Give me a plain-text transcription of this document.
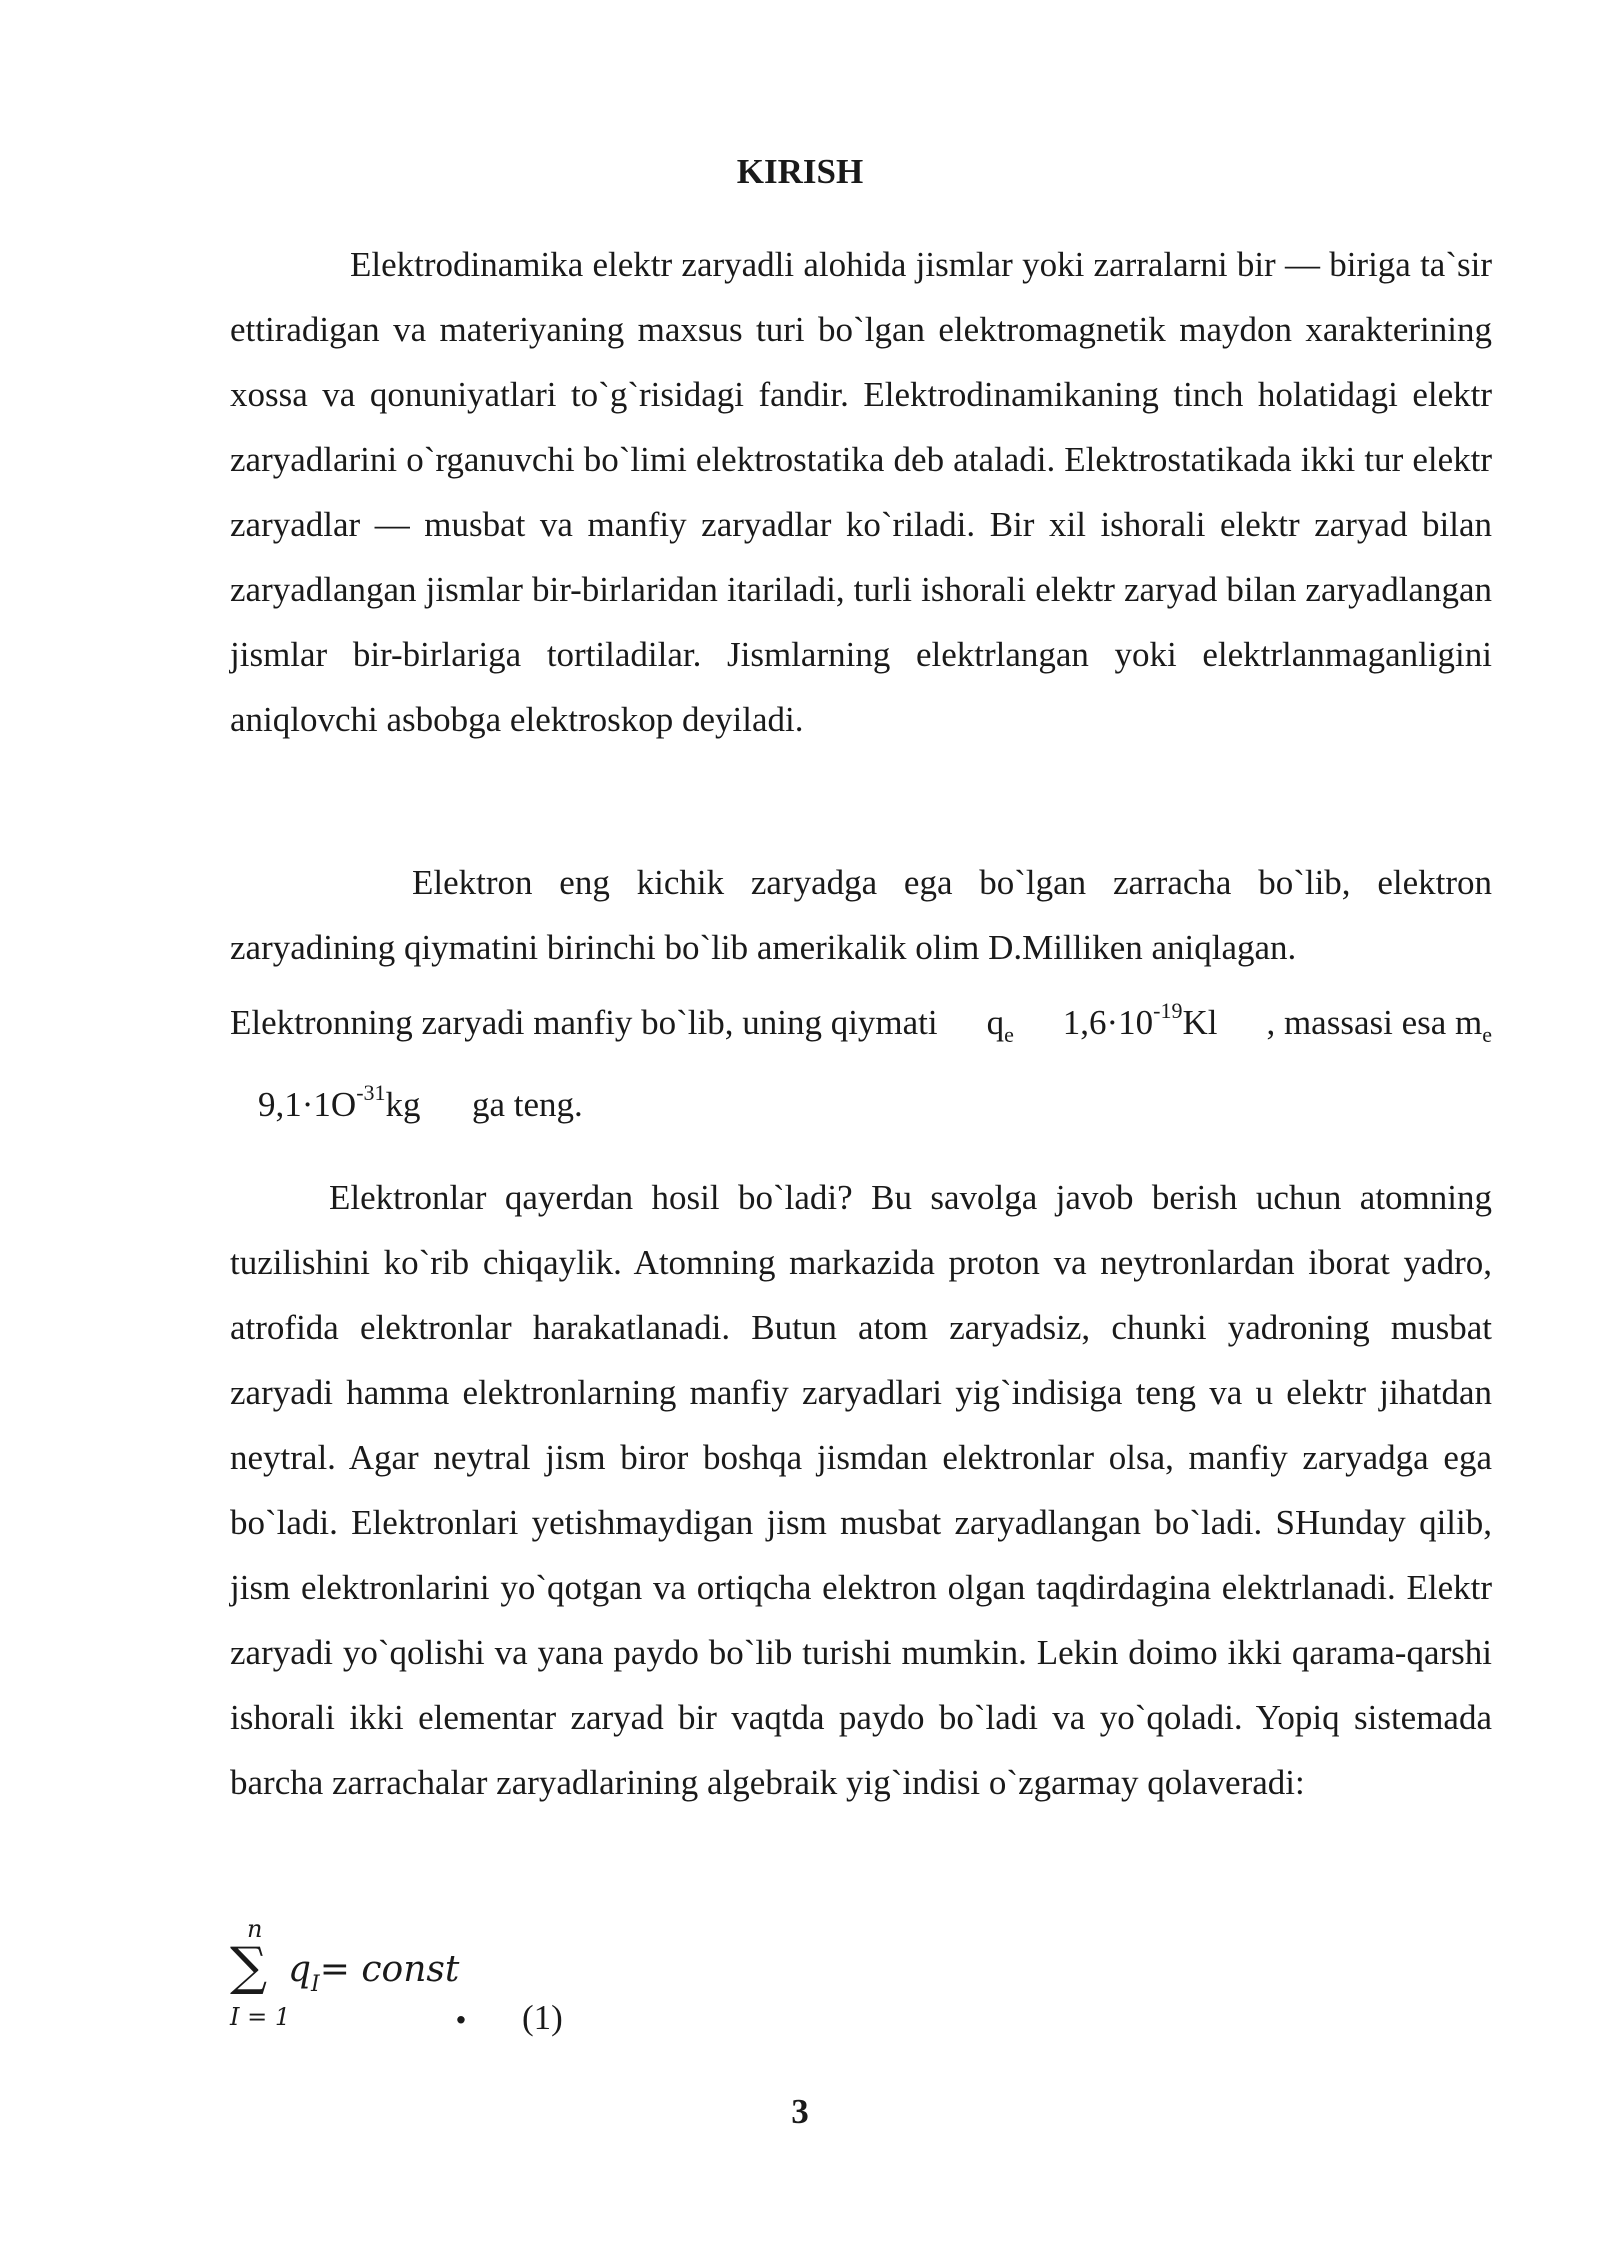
KIRISH

Elektrodinamika elektr zaryadli alohida jismlar yoki zarralarni bir — biriga ta`sir ettiradigan va materiyaning maxsus turi bo`lgan elektromagnetik maydon xarakterining xossa va qonuniyatlari to`g`risidagi fandir. Elektrodinamikaning tinch holatidagi elektr zaryadlarini o`rganuvchi bo`limi elektrostatika deb ataladi. Elektrostatikada ikki tur elektr zaryadlar — musbat va manfiy zaryadlar ko`riladi. Bir xil ishorali elektr zaryad bilan zaryadlangan jismlar bir-birlaridan itariladi, turli ishorali elektr zaryad bilan zaryadlangan jismlar bir-birlariga tortiladilar. Jismlarning elektrlangan yoki elektrlanmaganligini aniqlovchi asbobga elektroskop deyiladi.

Elektron eng kichik zaryadga ega bo`lgan zarracha bo`lib, elektron zaryadining qiymatini birinchi bo`lib amerikalik olim D.Milliken aniqlagan.

Elektronning zaryadi manfiy bo`lib, uning qiymati $q_e$ $1,6\cdot 10^{-19}Kl$ , massasi esa $m_e$
$9,1\cdot 1O^{-31}kg$ ga teng.

Elektronlar qayerdan hosil bo`ladi? Bu savolga javob berish uchun atomning tuzilishini ko`rib chiqaylik. Atomning markazida proton va neytronlardan iborat yadro, atrofida elektronlar harakatlanadi. Butun atom zaryadsiz, chunki yadroning musbat zaryadi hamma elektronlarning manfiy zaryadlari yig`indisiga teng va u elektr jihatdan neytral. Agar neytral jism biror boshqa jismdan elektronlar olsa, manfiy zaryadga ega bo`ladi. Elektronlari yetishmaydigan jism musbat zaryadlangan bo`ladi. SHunday qilib, jism elektronlarini yo`qotgan va ortiqcha elektron olgan taqdirdagina elektrlanadi. Elektr zaryadi yo`qolishi va yana paydo bo`lib turishi mumkin. Lekin doimo ikki qarama-qarshi ishorali ikki elementar zaryad bir vaqtda paydo bo`ladi va yo`qoladi. Yopiq sistemada barcha zarrachalar zaryadlarining algebraik yig`indisi o`zgarmay qolaveradi:

n
∑
I = 1
$q_I=$ const
. (1)

3
